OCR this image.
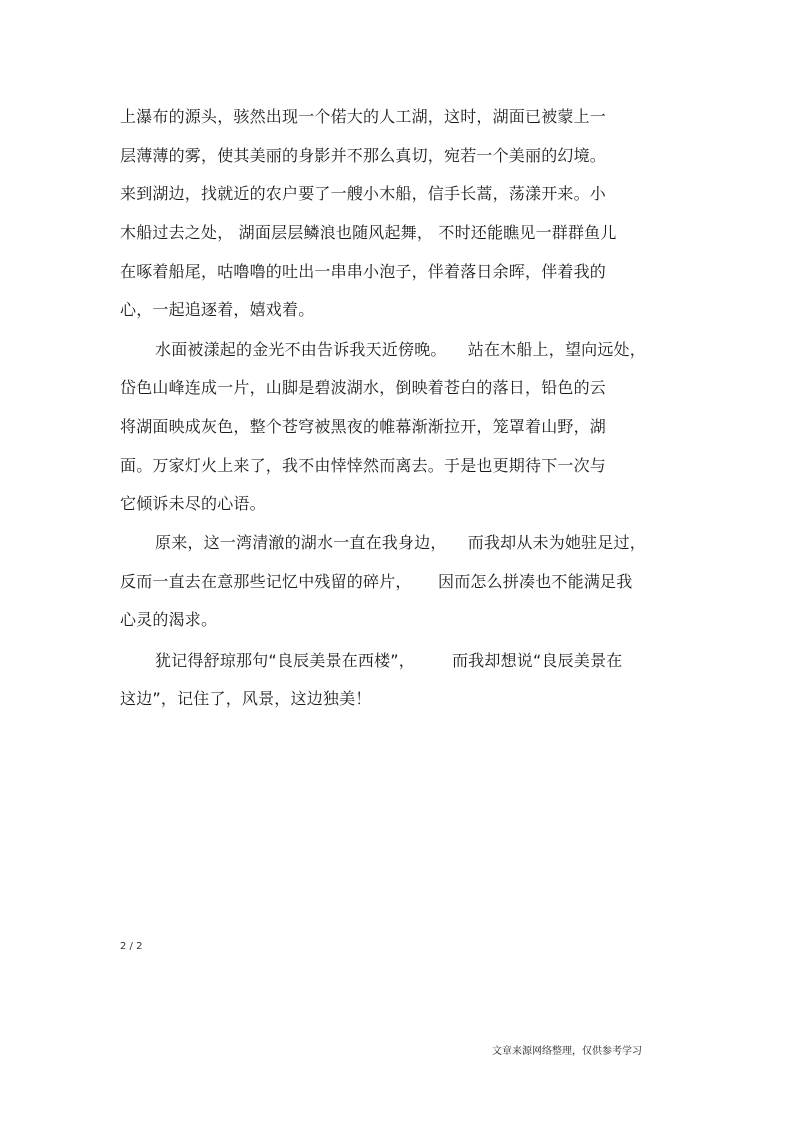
上瀑布的源头，骇然出现一个偌大的人工湖，这时，湖面已被蒙上一
层薄薄的雾，使其美丽的身影并不那么真切，宛若一个美丽的幻境。
来到湖边，找就近的农户要了一艘小木船，信手长蒿，荡漾开来。小
木船过去之处， 湖面层层鳞浪也随风起舞， 不时还能瞧见一群群鱼儿
在啄着船尾，咕噜噜的吐出一串串小泡子，伴着落日余晖，伴着我的
心，一起追逐着，嬉戏着。
水面被漾起的金光不由告诉我天近傍晚。    站在木船上，望向远处，
岱色山峰连成一片，山脚是碧波湖水，倒映着苍白的落日，铅色的云
将湖面映成灰色，整个苍穹被黑夜的帷幕渐渐拉开，笼罩着山野，湖
面。万家灯火上来了，我不由悻悻然而离去。于是也更期待下一次与
它倾诉未尽的心语。
原来，这一湾清澈的湖水一直在我身边，    而我却从未为她驻足过，
反而一直去在意那些记忆中残留的碎片，     因而怎么拼凑也不能满足我
心灵的渴求。
犹记得舒琼那句“良辰美景在西楼”，       而我却想说“良辰美景在
这边”，记住了，风景，这边独美！
2 / 2
文章来源网络整理，仅供参考学习
